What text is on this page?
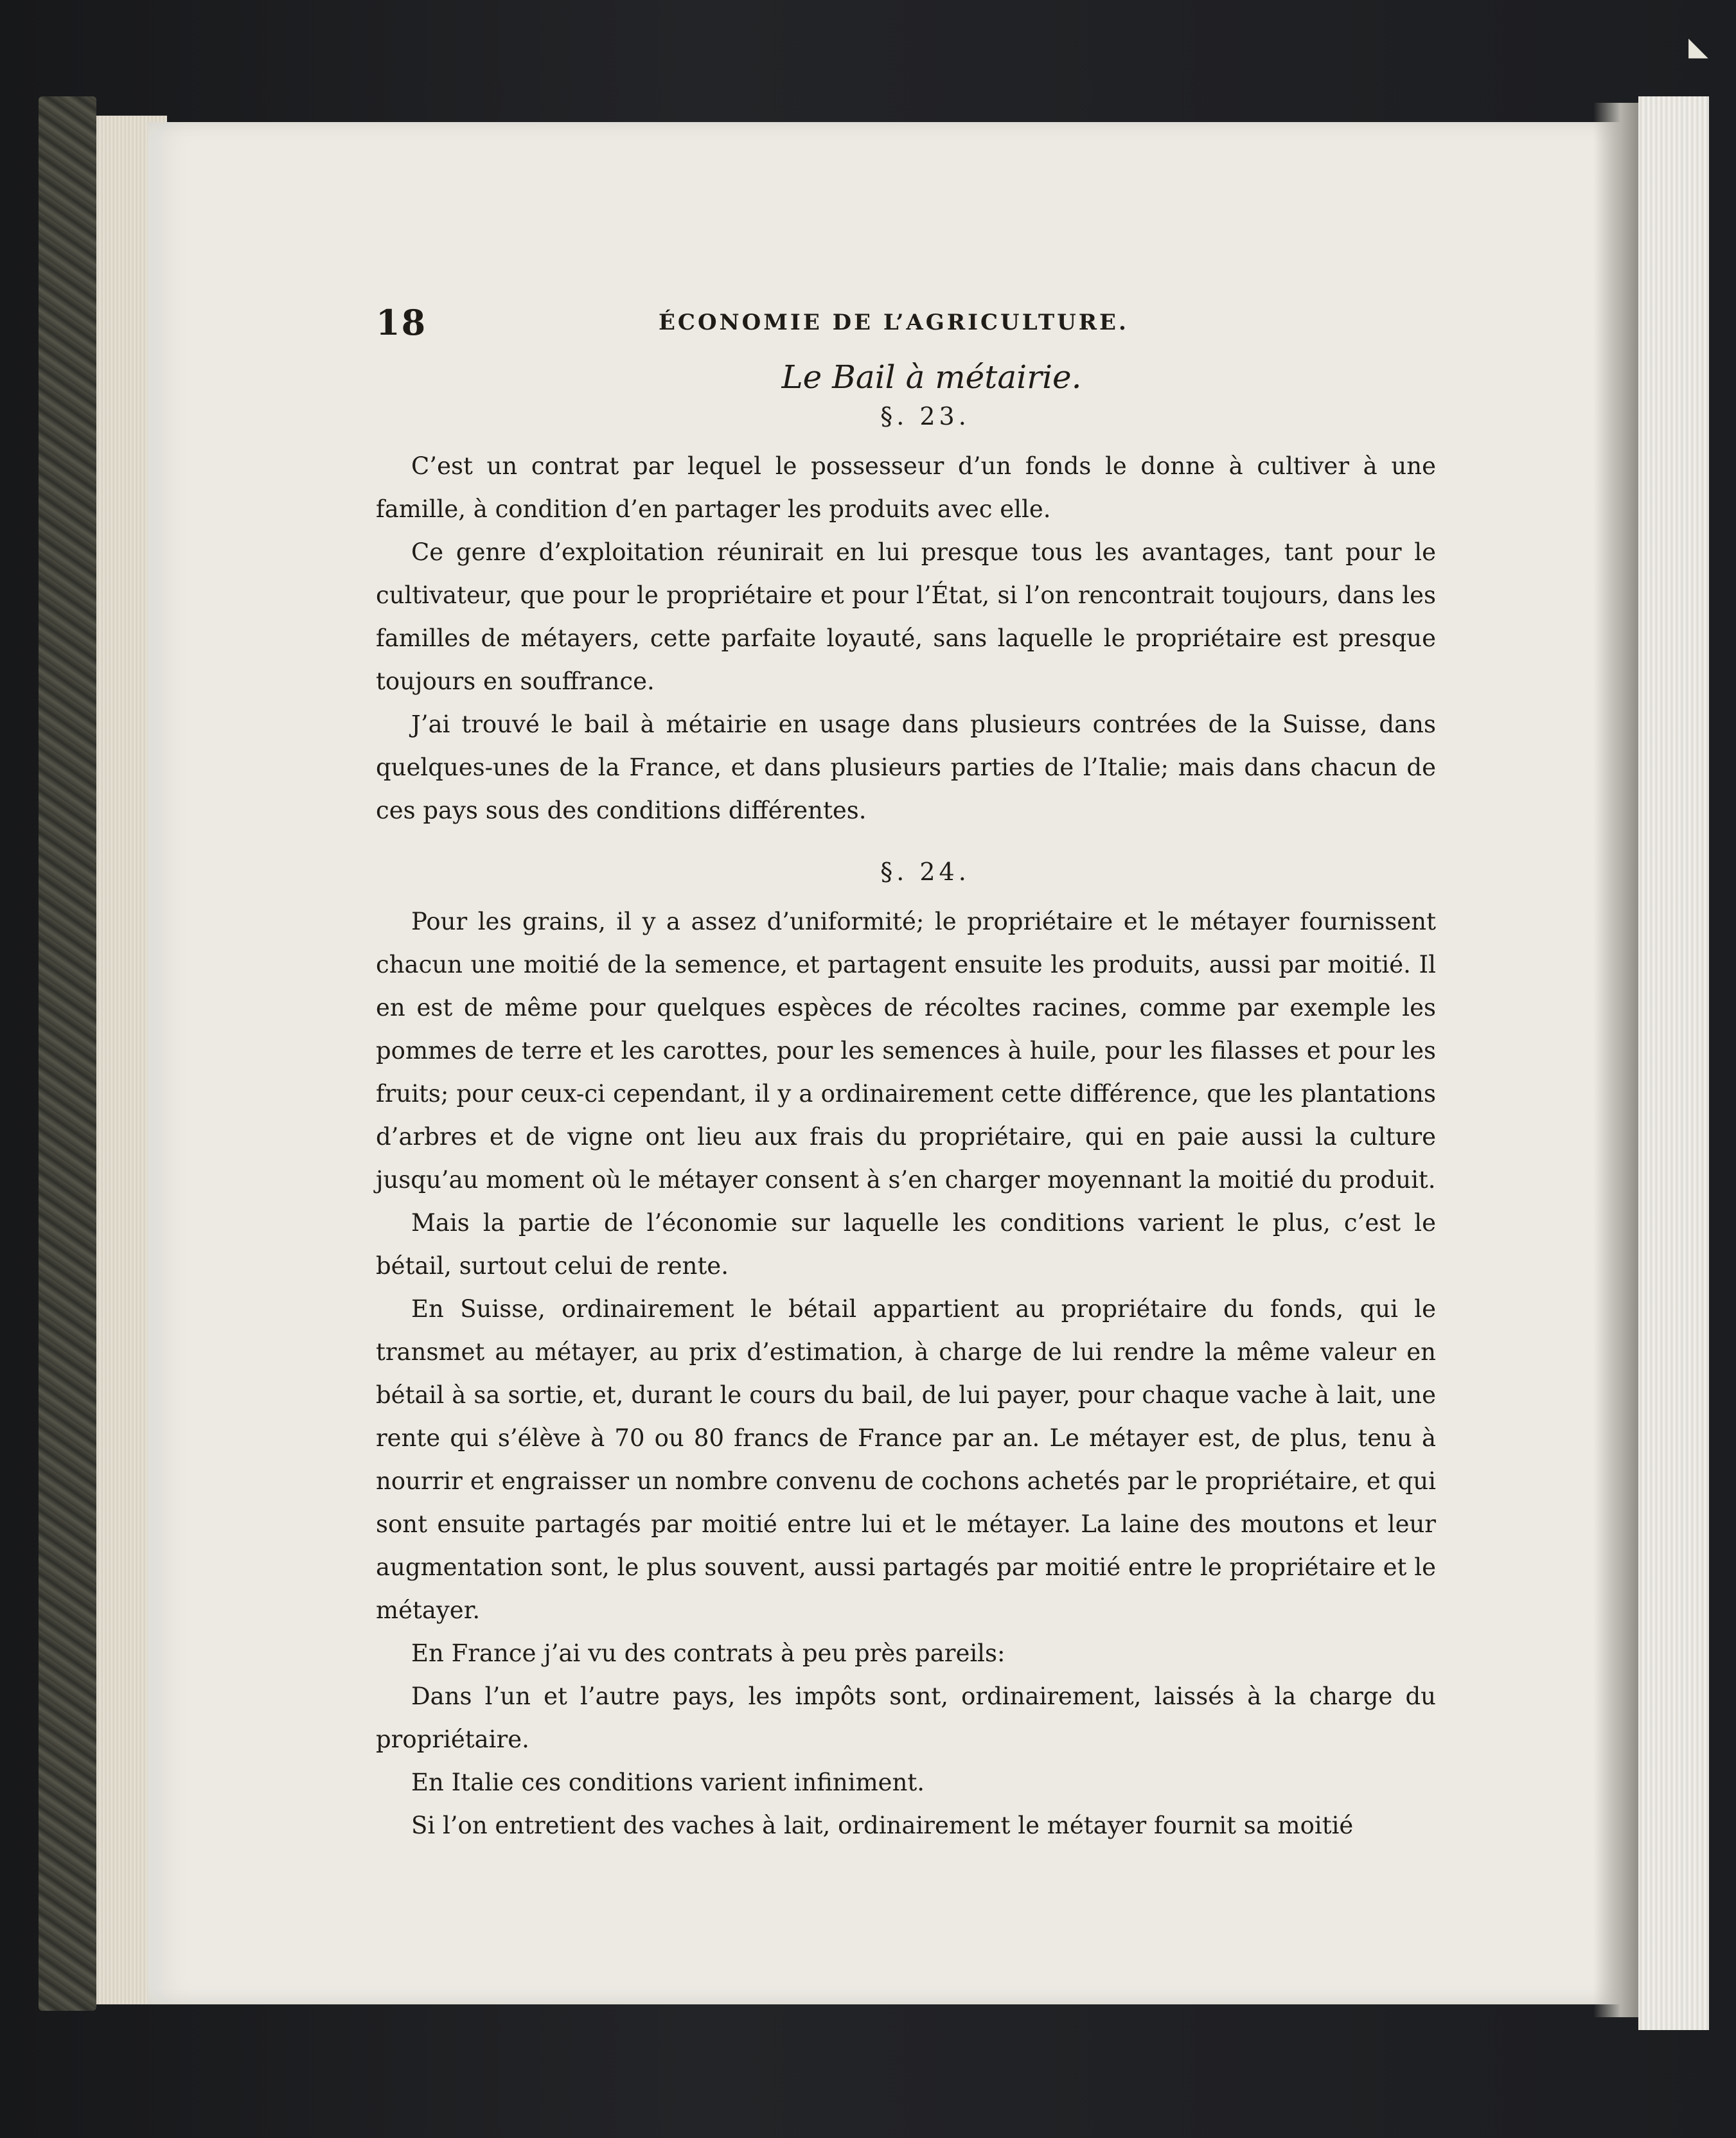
◣
18	ÉCONOMIE DE L’AGRICULTURE.
Le Bail à métairie.
§. 23.

C’est un contrat par lequel le possesseur d’un fonds le donne à cultiver à une famille, à condition d’en partager les produits avec elle.

Ce genre d’exploitation réunirait en lui presque tous les avantages, tant pour le cultivateur, que pour le propriétaire et pour l’État, si l’on rencontrait toujours, dans les familles de métayers, cette parfaite loyauté, sans laquelle le propriétaire est presque toujours en souffrance.

J’ai trouvé le bail à métairie en usage dans plusieurs contrées de la Suisse, dans quelques-unes de la France, et dans plusieurs parties de l’Italie; mais dans chacun de ces pays sous des conditions différentes.

§. 24.

Pour les grains, il y a assez d’uniformité; le propriétaire et le métayer fournissent chacun une moitié de la semence, et partagent ensuite les produits, aussi par moitié. Il en est de même pour quelques espèces de récoltes racines, comme par exemple les pommes de terre et les carottes, pour les semences à huile, pour les filasses et pour les fruits; pour ceux-ci cependant, il y a ordinairement cette différence, que les plantations d’arbres et de vigne ont lieu aux frais du propriétaire, qui en paie aussi la culture jusqu’au moment où le métayer consent à s’en charger moyennant la moitié du produit.

Mais la partie de l’économie sur laquelle les conditions varient le plus, c’est le bétail, surtout celui de rente.

En Suisse, ordinairement le bétail appartient au propriétaire du fonds, qui le transmet au métayer, au prix d’estimation, à charge de lui rendre la même valeur en bétail à sa sortie, et, durant le cours du bail, de lui payer, pour chaque vache à lait, une rente qui s’élève à 70 ou 80 francs de France par an. Le métayer est, de plus, tenu à nourrir et engraisser un nombre convenu de cochons achetés par le propriétaire, et qui sont ensuite partagés par moitié entre lui et le métayer. La laine des moutons et leur augmentation sont, le plus souvent, aussi partagés par moitié entre le propriétaire et le métayer.

En France j’ai vu des contrats à peu près pareils:

Dans l’un et l’autre pays, les impôts sont, ordinairement, laissés à la charge du propriétaire.

En Italie ces conditions varient infiniment.

Si l’on entretient des vaches à lait, ordinairement le métayer fournit sa moitié
